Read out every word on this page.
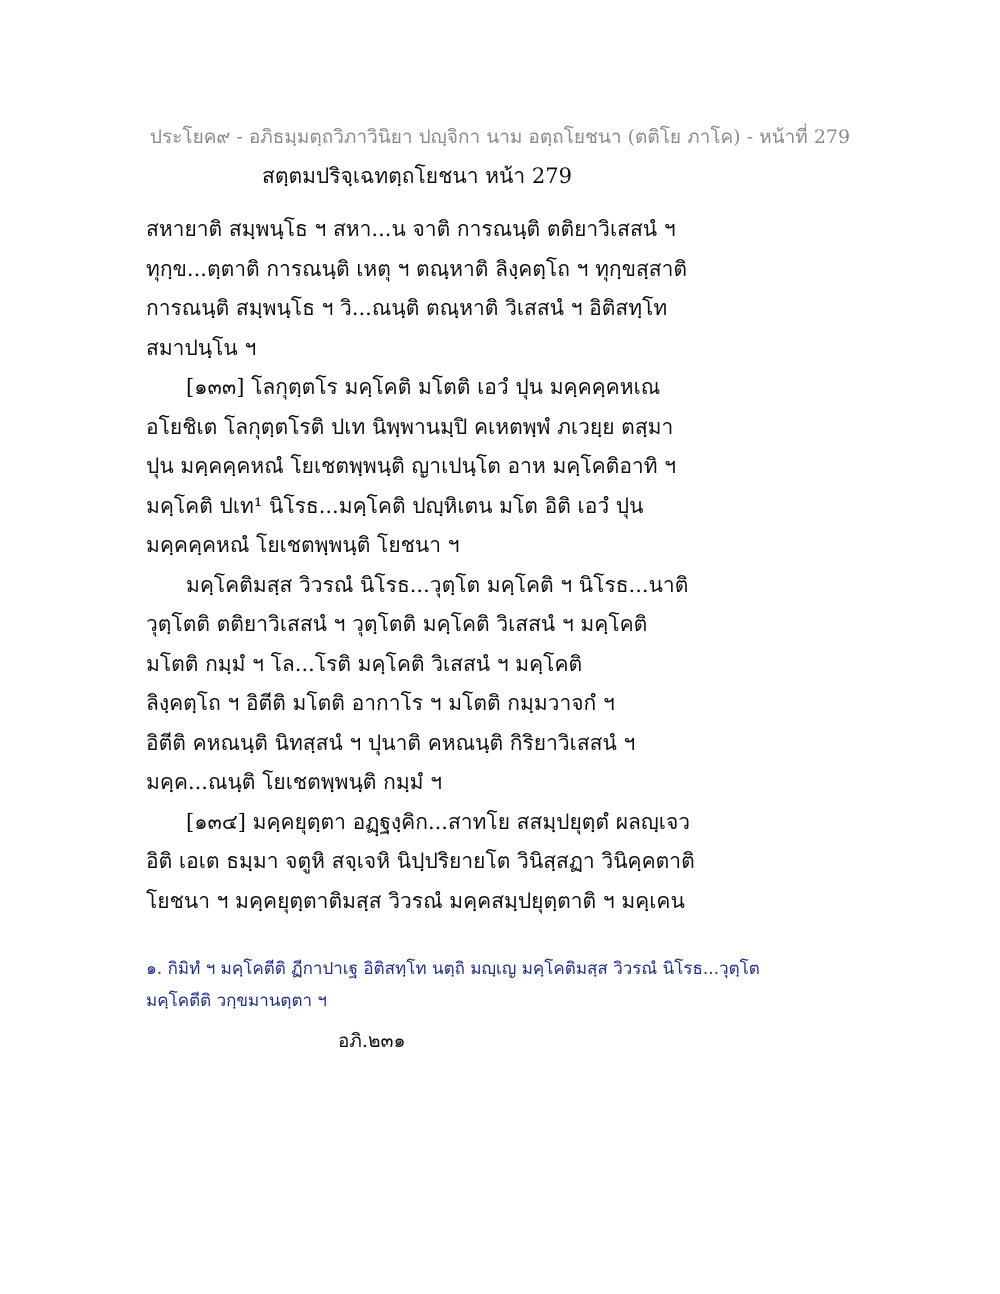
ประโยค๙ - อภิธมฺมตฺถวิภาวินิยา ปญฺจิกา นาม อตฺถโยชนา (ตติโย ภาโค) - หน้าที่ 279
สตฺตมปริจฺเฉทตฺถโยชนา หน้า 279
สหายาติ สมฺพนฺโธ ฯ สหา...น จาติ การณนฺติ ตติยาวิเสสนํ ฯ
ทุกฺข...ตฺตาติ การณนฺติ เหตุ ฯ ตณฺหาติ ลิงฺคตฺโถ ฯ ทุกฺขสฺสาติ
การณนฺติ สมฺพนฺโธ ฯ วิ...ณนฺติ ตณฺหาติ วิเสสนํ ฯ อิติสทฺโท
สมาปนฺโน ฯ
[๑๓๓] โลกุตฺตโร มคฺโคติ มโตติ เอวํ ปุน มคฺคคฺคหเณ
อโยชิเต โลกุตฺตโรติ ปเท นิพฺพานมฺปิ คเหตพฺพํ ภเวยฺย ตสฺมา
ปุน มคฺคคฺคหณํ โยเชตพฺพนฺติ ญาเปนฺโต อาห มคฺโคติอาทิ ฯ
มคฺโคติ ปเท¹ นิโรธ...มคฺโคติ ปญฺหิเตน มโต อิติ เอวํ ปุน
มคฺคคฺคหณํ โยเชตพฺพนฺติ โยชนา ฯ
มคฺโคติมสฺส วิวรณํ นิโรธ...วุตฺโต มคฺโคติ ฯ นิโรธ...นาติ
วุตฺโตติ ตติยาวิเสสนํ ฯ วุตฺโตติ มคฺโคติ วิเสสนํ ฯ มคฺโคติ
มโตติ กมฺมํ ฯ โล...โรติ มคฺโคติ วิเสสนํ ฯ มคฺโคติ
ลิงฺคตฺโถ ฯ อิตีติ มโตติ อากาโร ฯ มโตติ กมฺมวาจกํ ฯ
อิตีติ คหณนฺติ นิทสฺสนํ ฯ ปุนาติ คหณนฺติ กิริยาวิเสสนํ ฯ
มคฺค...ณนฺติ โยเชตพฺพนฺติ กมฺมํ ฯ
[๑๓๔] มคฺคยุตฺตา อฏฺฐงฺคิก...สาทโย สสมฺปยุตฺตํ ผลญฺเจว
อิติ เอเต ธมฺมา จตูหิ สจฺเจหิ นิปฺปริยายโต วินิสฺสฏา วินิคฺคตาติ
โยชนา ฯ มคฺคยุตฺตาติมสฺส วิวรณํ มคฺคสมฺปยุตฺตาติ ฯ มคฺเคน
๑. กิมิทํ ฯ มคฺโคตีติ ฏีกาปาเฐ อิติสทฺโท นตฺถิ มญฺเญ มคฺโคติมสฺส วิวรณํ นิโรธ...วุตฺโต
มคฺโคตีติ วกฺขมานตฺตา ฯ
อภิ.๒๓๑
